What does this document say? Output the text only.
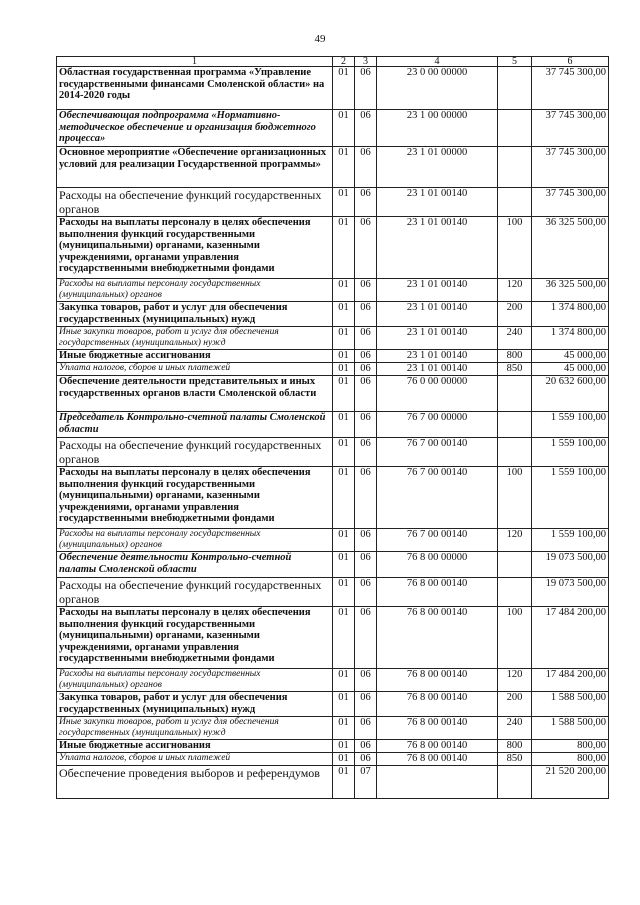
49
1	2	3	4	5	6
Областная государственная программа «Управление государственными финансами Смоленской области» на 2014-2020 годы	01	06	23 0 00 00000		37 745 300,00
Обеспечивающая подпрограмма «Нормативно-методическое обеспечение и организация бюджетного процесса»	01	06	23 1 00 00000		37 745 300,00
Основное мероприятие «Обеспечение организационных условий для реализации Государственной программы»	01	06	23 1 01 00000		37 745 300,00
Расходы на обеспечение функций государственных органов	01	06	23 1 01 00140		37 745 300,00
Расходы на выплаты персоналу в целях обеспечения выполнения функций государственными (муниципальными) органами, казенными учреждениями, органами управления государственными внебюджетными фондами	01	06	23 1 01 00140	100	36 325 500,00
Расходы на выплаты персоналу государственных (муниципальных) органов	01	06	23 1 01 00140	120	36 325 500,00
Закупка товаров, работ и услуг для обеспечения государственных (муниципальных) нужд	01	06	23 1 01 00140	200	1 374 800,00
Иные закупки товаров, работ и услуг для обеспечения государственных (муниципальных) нужд	01	06	23 1 01 00140	240	1 374 800,00
Иные бюджетные ассигнования	01	06	23 1 01 00140	800	45 000,00
Уплата налогов, сборов и иных платежей	01	06	23 1 01 00140	850	45 000,00
Обеспечение деятельности представительных и иных государственных органов власти Смоленской области	01	06	76 0 00 00000		20 632 600,00
Председатель Контрольно-счетной палаты Смоленской области	01	06	76 7 00 00000		1 559 100,00
Расходы на обеспечение функций государственных органов	01	06	76 7 00 00140		1 559 100,00
Расходы на выплаты персоналу в целях обеспечения выполнения функций государственными (муниципальными) органами, казенными учреждениями, органами управления государственными внебюджетными фондами	01	06	76 7 00 00140	100	1 559 100,00
Расходы на выплаты персоналу государственных (муниципальных) органов	01	06	76 7 00 00140	120	1 559 100,00
Обеспечение деятельности Контрольно-счетной палаты Смоленской области	01	06	76 8 00 00000		19 073 500,00
Расходы на обеспечение функций государственных органов	01	06	76 8 00 00140		19 073 500,00
Расходы на выплаты персоналу в целях обеспечения выполнения функций государственными (муниципальными) органами, казенными учреждениями, органами управления государственными внебюджетными фондами	01	06	76 8 00 00140	100	17 484 200,00
Расходы на выплаты персоналу государственных (муниципальных) органов	01	06	76 8 00 00140	120	17 484 200,00
Закупка товаров, работ и услуг для обеспечения государственных (муниципальных) нужд	01	06	76 8 00 00140	200	1 588 500,00
Иные закупки товаров, работ и услуг для обеспечения государственных (муниципальных) нужд	01	06	76 8 00 00140	240	1 588 500,00
Иные бюджетные ассигнования	01	06	76 8 00 00140	800	800,00
Уплата налогов, сборов и иных платежей	01	06	76 8 00 00140	850	800,00
Обеспечение проведения выборов и референдумов	01	07			21 520 200,00
